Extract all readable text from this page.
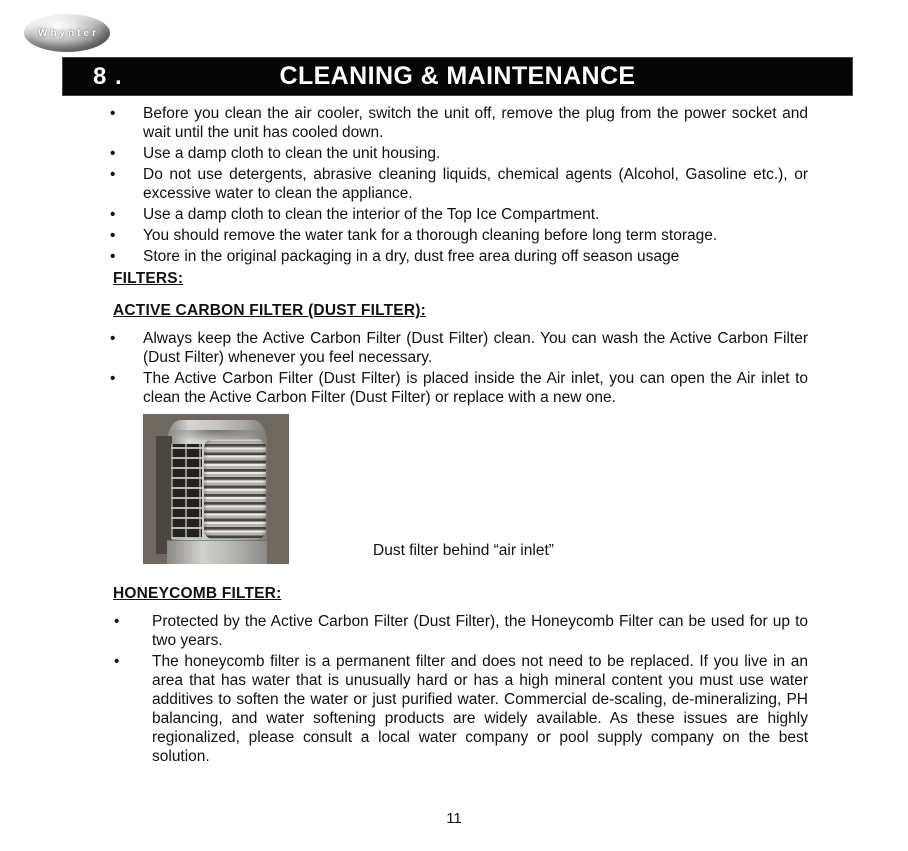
Whynter
8 .	CLEANING & MAINTENANCE
•
Before you clean the air cooler, switch the unit off, remove the plug from the power socket and wait until the unit has cooled down.
•
Use a damp cloth to clean the unit housing.
•
Do not use detergents, abrasive cleaning liquids, chemical agents (Alcohol, Gasoline etc.), or excessive water to clean the appliance.
•
Use a damp cloth to clean the interior of the Top Ice Compartment.
•
You should remove the water tank for a thorough cleaning before long term storage.
•
Store in the original packaging in a dry, dust free area during off season usage
FILTERS:
ACTIVE CARBON FILTER (DUST FILTER):
•
Always keep the Active Carbon Filter (Dust Filter) clean. You can wash the Active Carbon Filter (Dust Filter) whenever you feel necessary.
•
The Active Carbon Filter (Dust Filter) is placed inside the Air inlet, you can open the Air inlet to clean the Active Carbon Filter (Dust Filter) or replace with a new one.
Dust filter behind “air inlet”
HONEYCOMB FILTER:
•
Protected by the Active Carbon Filter (Dust Filter), the Honeycomb Filter can be used for up to two years.
•
The honeycomb filter is a permanent filter and does not need to be replaced. If you live in an area that has water that is unusually hard or has a high mineral content you must use water additives to soften the water or just purified water. Commercial de-scaling, de-mineralizing, PH balancing, and water softening products are widely available. As these issues are highly regionalized, please consult a local water company or pool supply company on the best solution.
11
